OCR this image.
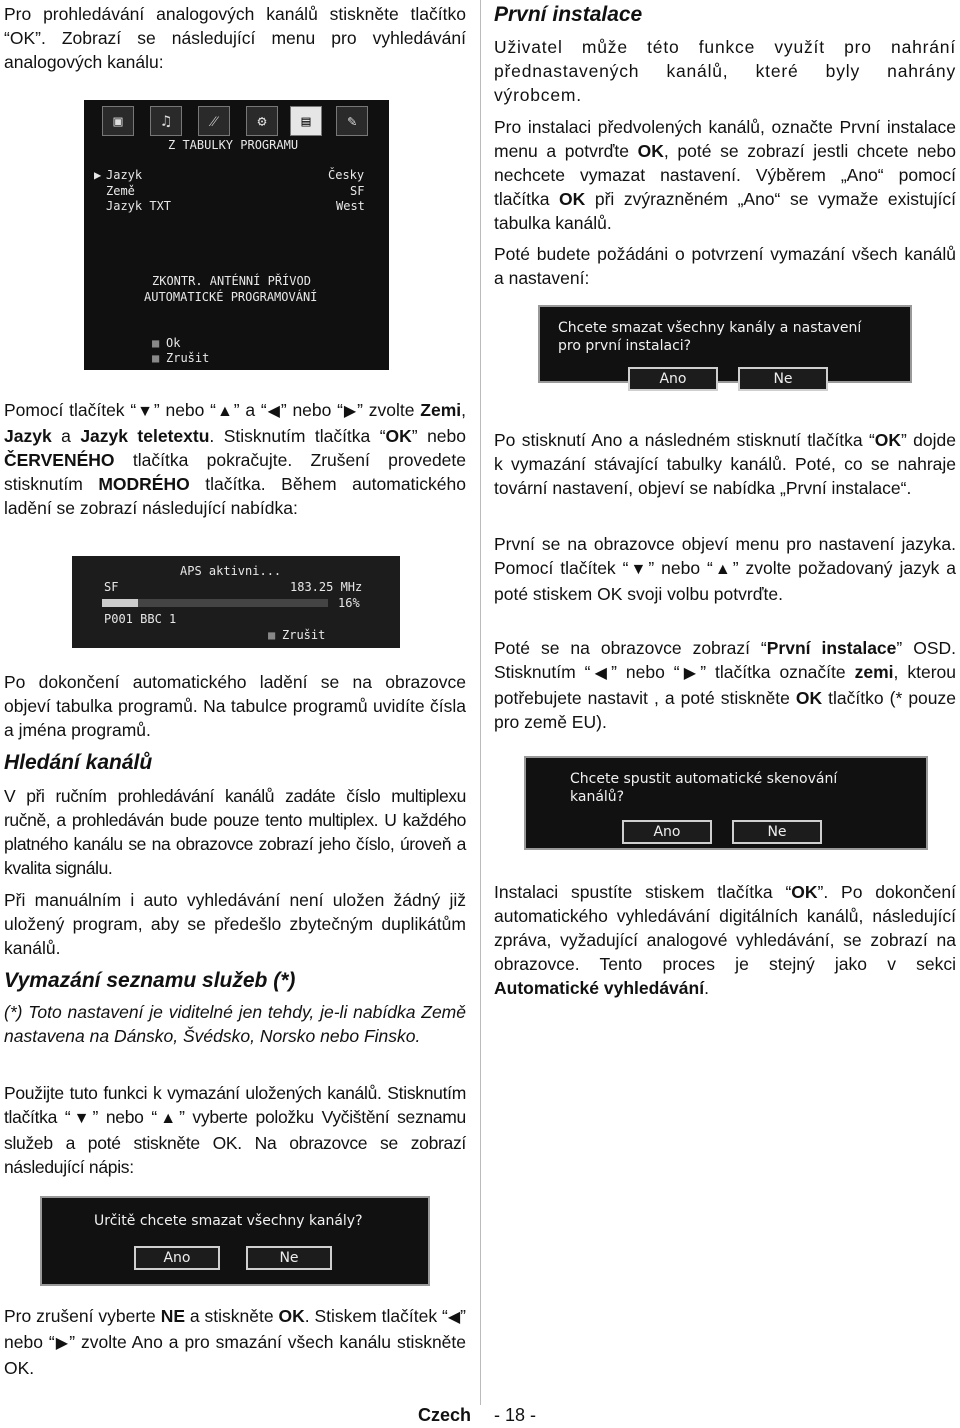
Pro prohledávání analogových kanálů stiskněte tlačítko “OK”. Zobrazí se následující menu pro vyhledávání analogových kanálu:

▣	♫	⁄⁄	⚙	▤	✎
Z TABULKY PROGRAMU
▶ Jazyk	Česky
Země	SF
Jazyk TXT	West
ZKONTR. ANTÉNNÍ PŘÍVOD
AUTOMATICKÉ PROGRAMOVÁNÍ
■ Ok
■ Zrušit

Pomocí tlačítek “▼” nebo “▲” a “◀” nebo “▶” zvolte Zemi, Jazyk a Jazyk teletextu. Stisknutím tlačítka “OK” nebo ČERVENÉHO tlačítka pokračujte. Zrušení provedete stisknutím MODRÉHO tlačítka. Během automatického ladění se zobrazí následující nabídka:

APS aktivni...
SF	183.25 MHz
16%
P001 BBC 1
■ Zrušit

Po dokončení automatického ladění se na obrazovce objeví tabulka programů. Na tabulce programů uvidíte čísla a jména programů.

Hledání kanálů

V při ručním prohledávání kanálů zadáte číslo multiplexu ručně, a prohledáván bude pouze tento multiplex. U každého platného kanálu se na obrazovce zobrazí jeho číslo, úroveň a kvalita signálu.

Při manuálním i auto vyhledávání není uložen žádný již uložený program, aby se předešlo zbytečným duplikátům kanálů.

Vymazání seznamu služeb (*)

(*) Toto nastavení je viditelné jen tehdy, je-li nabídka Země nastavena na Dánsko, Švédsko, Norsko nebo Finsko.

Použijte tuto funkci k vymazání uložených kanálů. Stisknutím tlačítka “▼” nebo “▲” vyberte položku Vyčištění seznamu služeb a poté stiskněte OK. Na obrazovce se zobrazí následující nápis:

Určitě chcete smazat všechny kanály?
Ano	Ne

Pro zrušení vyberte NE a stiskněte OK. Stiskem tlačítek “◀” nebo “▶” zvolte Ano a pro smazání všech kanálu stiskněte OK.

První instalace

Uživatel může této funkce využít pro nahrání přednastavených kanálů, které byly nahrány výrobcem.

Pro instalaci předvolených kanálů, označte První instalace menu a potvrďte OK, poté se zobrazí jestli chcete nebo nechcete vymazat nastavení. Výběrem „Ano“ pomocí tlačítka OK při zvýrazněném „Ano“ se vymaže existující tabulka kanálů.

Poté budete požádáni o potvrzení vymazání všech kanálů a nastavení:

Chcete smazat všechny kanály a nastavení
pro první instalaci?
Ano	Ne

Po stisknutí Ano a následném stisknutí tlačítka “OK” dojde k vymazání stávající tabulky kanálů. Poté, co se nahraje tovární nastavení, objeví se nabídka „První instalace“.

První se na obrazovce objeví menu pro nastavení jazyka. Pomocí tlačítek “▼” nebo “▲” zvolte požadovaný jazyk a poté stiskem OK svoji volbu potvrďte.

Poté se na obrazovce zobrazí “První instalace” OSD. Stisknutím “◀” nebo “▶” tlačítka označíte zemi, kterou potřebujete nastavit , a poté stiskněte OK tlačítko (* pouze pro země EU).

Chcete spustit automatické skenování
kanálů?
Ano	Ne

Instalaci spustíte stiskem tlačítka “OK”. Po dokončení automatického vyhledávání digitálních kanálů, následující zpráva, vyžadující analogové vyhledávání, se zobrazí na obrazovce. Tento proces je stejný jako v sekci Automatické vyhledávání.

Czech - 18 -
